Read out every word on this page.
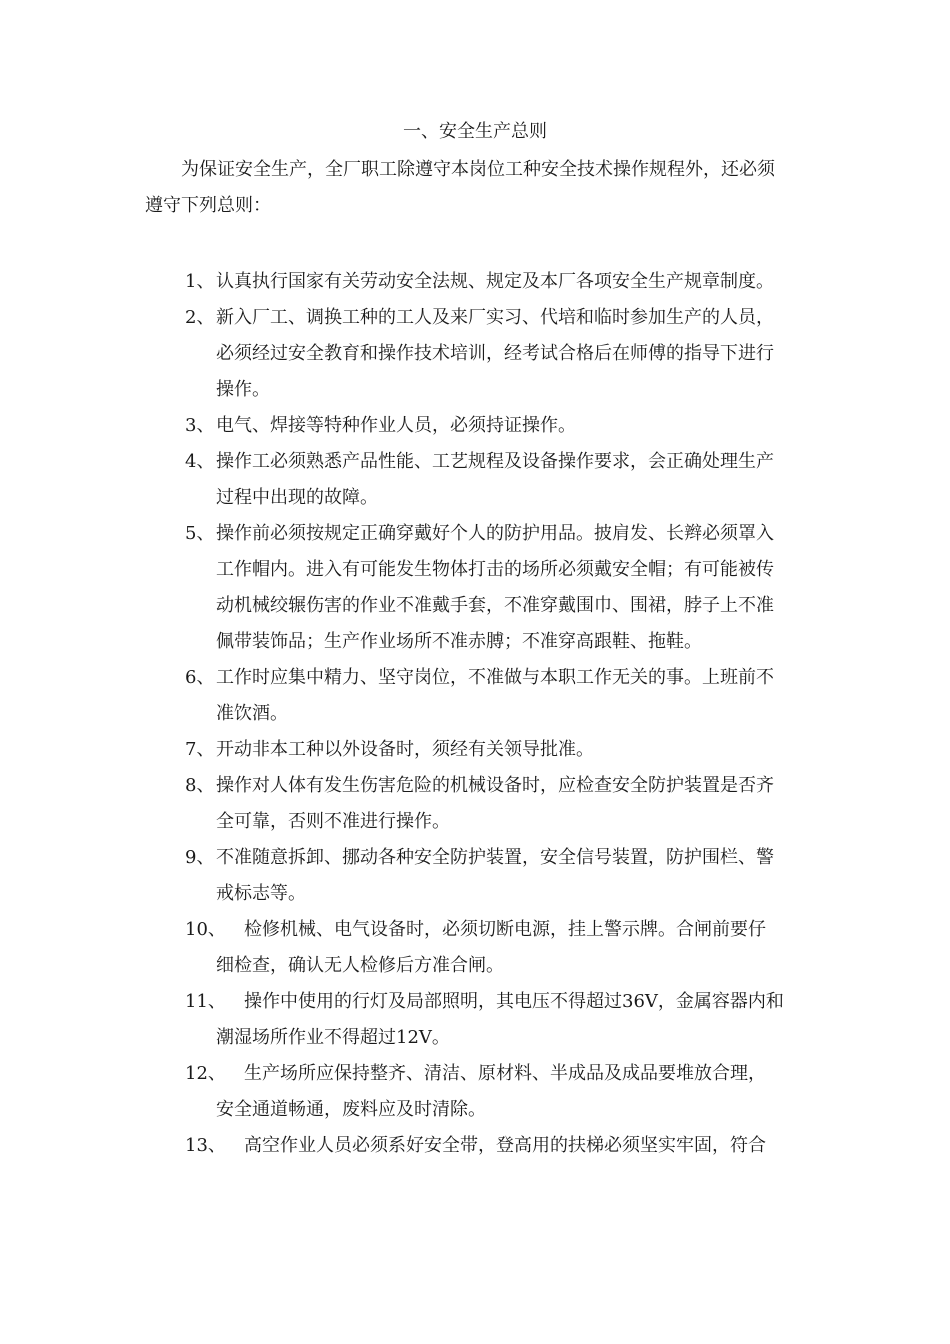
一、安全生产总则
为保证安全生产，全厂职工除遵守本岗位工种安全技术操作规程外，还必须
遵守下列总则：
1、 认真执行国家有关劳动安全法规、规定及本厂各项安全生产规章制度。
2、 新入厂工、调换工种的工人及来厂实习、代培和临时参加生产的人员，
必须经过安全教育和操作技术培训，经考试合格后在师傅的指导下进行
操作。
3、 电气、焊接等特种作业人员，必须持证操作。
4、 操作工必须熟悉产品性能、工艺规程及设备操作要求，会正确处理生产
过程中出现的故障。
5、 操作前必须按规定正确穿戴好个人的防护用品。披肩发、长辫必须罩入
工作帽内。进入有可能发生物体打击的场所必须戴安全帽；有可能被传
动机械绞辗伤害的作业不准戴手套，不准穿戴围巾、围裙，脖子上不准
佩带装饰品；生产作业场所不准赤膊；不准穿高跟鞋、拖鞋。
6、 工作时应集中精力、坚守岗位，不准做与本职工作无关的事。上班前不
准饮酒。
7、 开动非本工种以外设备时，须经有关领导批准。
8、 操作对人体有发生伤害危险的机械设备时，应检查安全防护装置是否齐
全可靠，否则不准进行操作。
9、 不准随意拆卸、挪动各种安全防护装置，安全信号装置，防护围栏、警
戒标志等。
10、 检修机械、电气设备时，必须切断电源，挂上警示牌。合闸前要仔
细检查，确认无人检修后方准合闸。
11、 操作中使用的行灯及局部照明，其电压不得超过36V，金属容器内和
潮湿场所作业不得超过12V。
12、 生产场所应保持整齐、清洁、原材料、半成品及成品要堆放合理，
安全通道畅通，废料应及时清除。
13、 高空作业人员必须系好安全带，登高用的扶梯必须坚实牢固，符合
